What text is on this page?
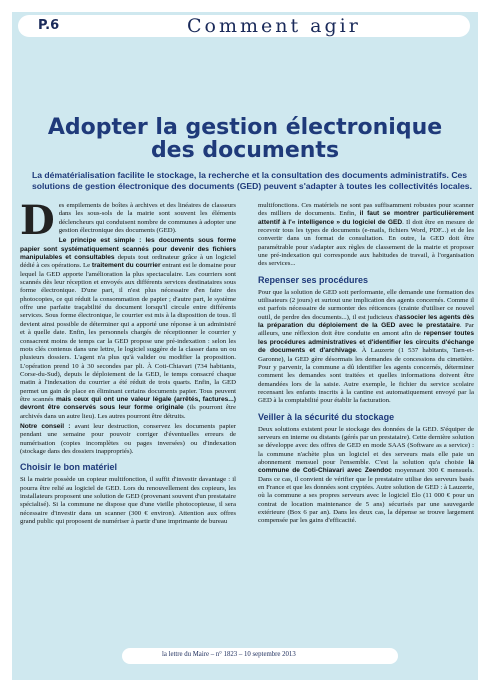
P.6	Comment agir
Adopter la gestion électronique
des documents
La dématérialisation facilite le stockage, la recherche et la consultation des documents administratifs. Ces solutions de gestion électronique des documents (GED) peuvent s'adapter à toutes les collectivités locales.

Des empilements de boîtes à archives et des linéaires de classeurs dans les sous-sols de la mairie sont souvent les éléments déclencheurs qui conduisent nombre de communes à adopter une gestion électronique des documents (GED).

Le principe est simple : les documents sous forme papier sont systématiquement scannés pour devenir des fichiers manipulables et consultables depuis tout ordinateur grâce à un logiciel dédié à ces opérations. Le traitement du courrier entrant est le domaine pour lequel la GED apporte l'amélioration la plus spectaculaire. Les courriers sont scannés dès leur réception et envoyés aux différents services destinataires sous forme électronique. D'une part, il n'est plus nécessaire d'en faire des photocopies, ce qui réduit la consommation de papier ; d'autre part, le système offre une parfaite traçabilité du document lorsqu'il circule entre différents services. Sous forme électronique, le courrier est mis à la disposition de tous. Il devient ainsi possible de déterminer qui a apporté une réponse à un administré et à quelle date. Enfin, les personnels chargés de réceptionner le courrier y consacrent moins de temps car la GED propose une pré-indexation : selon les mots clés contenus dans une lettre, le logiciel suggère de la classer dans un ou plusieurs dossiers. L'agent n'a plus qu'à valider ou modifier la proposition. L'opération prend 10 à 30 secondes par pli. À Coti-Chiavari (734 habitants, Corse-du-Sud), depuis le déploiement de la GED, le temps consacré chaque matin à l'indexation du courrier a été réduit de trois quarts. Enfin, la GED permet un gain de place en éliminant certains documents papier. Tous peuvent être scannés mais ceux qui ont une valeur légale (arrêtés, factures...) devront être conservés sous leur forme originale (ils pourront être archivés dans un autre lieu). Les autres pourront être détruits.

Notre conseil : avant leur destruction, conservez les documents papier pendant une semaine pour pouvoir corriger d'éventuelles erreurs de numérisation (copies incomplètes ou pages inversées) ou d'indexation (stockage dans des dossiers inappropriés).

Choisir le bon matériel

Si la mairie possède un copieur multifonction, il suffit d'investir davantage : il pourra être relié au logiciel de GED. Lors du renouvellement des copieurs, les installateurs proposent une solution de GED (provenant souvent d'un prestataire spécialisé). Si la commune ne dispose que d'une vieille photocopieuse, il sera nécessaire d'investir dans un scanner (300 € environ). Attention aux offres grand public qui proposent de numériser à partir d'une imprimante de bureau

multifonctions. Ces matériels ne sont pas suffisamment robustes pour scanner des milliers de documents. Enfin, il faut se montrer particulièrement attentif à l'« intelligence » du logiciel de GED. Il doit être en mesure de recevoir tous les types de documents (e-mails, fichiers Word, PDF...) et de les convertir dans un format de consultation. En outre, la GED doit être paramétrable pour s'adapter aux règles de classement de la mairie et proposer une pré-indexation qui corresponde aux habitudes de travail, à l'organisation des services...

Repenser ses procédures

Pour que la solution de GED soit performante, elle demande une formation des utilisateurs (2 jours) et surtout une implication des agents concernés. Comme il est parfois nécessaire de surmonter des réticences (crainte d'utiliser ce nouvel outil, de perdre des documents...), il est judicieux d'associer les agents dès la préparation du déploiement de la GED avec le prestataire. Par ailleurs, une réflexion doit être conduite en amont afin de repenser toutes les procédures administratives et d'identifier les circuits d'échange de documents et d'archivage. À Lauzerte (1 537 habitants, Tarn-et-Garonne), la GED gère désormais les demandes de concessions du cimetière. Pour y parvenir, la commune a dû identifier les agents concernés, déterminer comment les demandes sont traitées et quelles informations doivent être demandées lors de la saisie. Autre exemple, le fichier du service scolaire recensant les enfants inscrits à la cantine est automatiquement envoyé par la GED à la comptabilité pour établir la facturation.

Veiller à la sécurité du stockage

Deux solutions existent pour le stockage des données de la GED. S'équiper de serveurs en interne ou distants (gérés par un prestataire). Cette dernière solution se développe avec des offres de GED en mode SAAS (Software as a service) : la commune n'achète plus un logiciel et des serveurs mais elle paie un abonnement mensuel pour l'ensemble. C'est la solution qu'a choisie la commune de Coti-Chiavari avec Zeendoc moyennant 300 € mensuels. Dans ce cas, il convient de vérifier que le prestataire utilise des serveurs basés en France et que les données sont cryptées. Autre solution de GED : à Lauzerte, où la commune a ses propres serveurs avec le logiciel Elo (11 000 € pour un contrat de location maintenance de 5 ans) sécurisés par une sauvegarde extérieure (Box 6 par an). Dans les deux cas, la dépense se trouve largement compensée par les gains d'efficacité.

la lettre du Maire – n° 1823 – 10 septembre 2013
